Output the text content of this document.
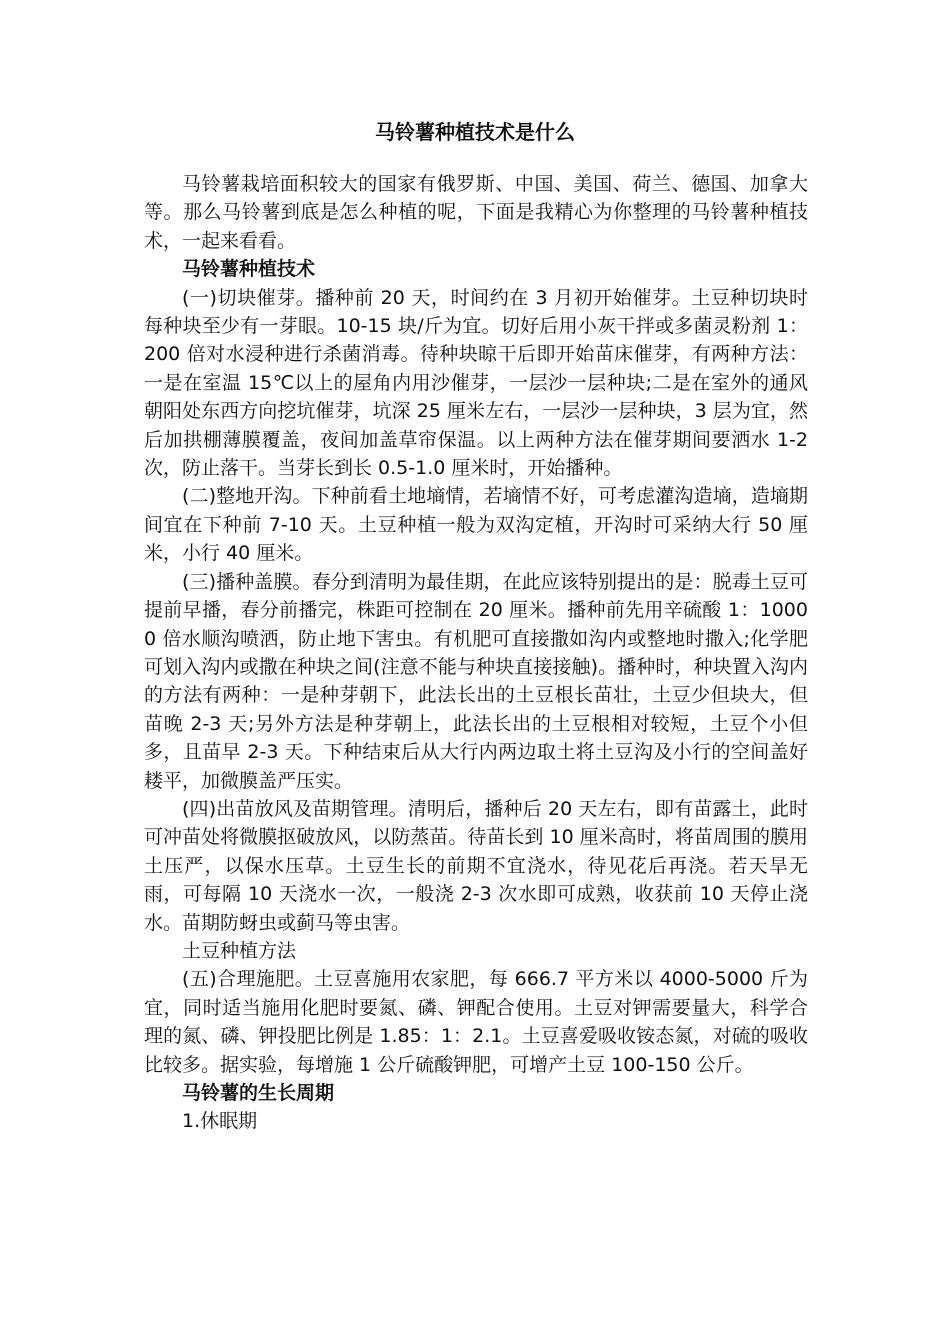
马铃薯种植技术是什么

马铃薯栽培面积较大的国家有俄罗斯、中国、美国、荷兰、德国、加拿大等。那么马铃薯到底是怎么种植的呢，下面是我精心为你整理的马铃薯种植技术，一起来看看。

马铃薯种植技术

(一)切块催芽。播种前 20 天，时间约在 3 月初开始催芽。土豆种切块时每种块至少有一芽眼。10-15 块/斤为宜。切好后用小灰干拌或多菌灵粉剂 1：200 倍对水浸种进行杀菌消毒。待种块晾干后即开始苗床催芽，有两种方法：一是在室温 15℃以上的屋角内用沙催芽，一层沙一层种块;二是在室外的通风朝阳处东西方向挖坑催芽，坑深 25 厘米左右，一层沙一层种块，3 层为宜，然后加拱棚薄膜覆盖，夜间加盖草帘保温。以上两种方法在催芽期间要洒水 1-2 次，防止落干。当芽长到长 0.5-1.0 厘米时，开始播种。

(二)整地开沟。下种前看土地墒情，若墒情不好，可考虑灌沟造墒，造墒期间宜在下种前 7-10 天。土豆种植一般为双沟定植，开沟时可采纳大行 50 厘米，小行 40 厘米。

(三)播种盖膜。春分到清明为最佳期，在此应该特别提出的是：脱毒土豆可提前早播，春分前播完，株距可控制在 20 厘米。播种前先用辛硫酸 1：10000 倍水顺沟喷洒，防止地下害虫。有机肥可直接撒如沟内或整地时撒入;化学肥可划入沟内或撒在种块之间(注意不能与种块直接接触)。播种时，种块置入沟内的方法有两种：一是种芽朝下，此法长出的土豆根长苗壮，土豆少但块大，但苗晚 2-3 天;另外方法是种芽朝上，此法长出的土豆根相对较短，土豆个小但多，且苗早 2-3 天。下种结束后从大行内两边取土将土豆沟及小行的空间盖好耧平，加微膜盖严压实。

(四)出苗放风及苗期管理。清明后，播种后 20 天左右，即有苗露土，此时可冲苗处将微膜抠破放风，以防蒸苗。待苗长到 10 厘米高时，将苗周围的膜用土压严，以保水压草。土豆生长的前期不宜浇水，待见花后再浇。若天旱无雨，可每隔 10 天浇水一次，一般浇 2-3 次水即可成熟，收获前 10 天停止浇水。苗期防蚜虫或蓟马等虫害。

土豆种植方法

(五)合理施肥。土豆喜施用农家肥，每 666.7 平方米以 4000-5000 斤为宜，同时适当施用化肥时要氮、磷、钾配合使用。土豆对钾需要量大，科学合理的氮、磷、钾投肥比例是 1.85：1：2.1。土豆喜爱吸收铵态氮，对硫的吸收比较多。据实验，每增施 1 公斤硫酸钾肥，可增产土豆 100-150 公斤。

马铃薯的生长周期

1.休眠期
